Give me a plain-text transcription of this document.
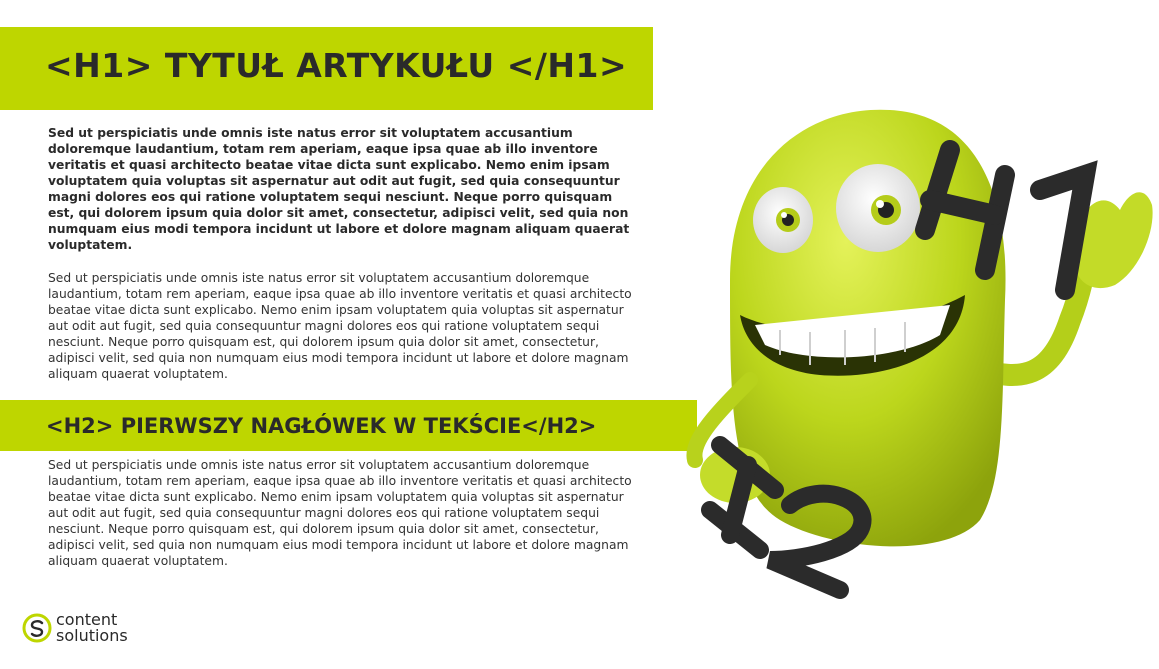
<H1> TYTUŁ ARTYKUŁU </H1>

Sed ut perspiciatis unde omnis iste natus error sit voluptatem accusantium doloremque laudantium, totam rem aperiam, eaque ipsa quae ab illo inventore veritatis et quasi architecto beatae vitae dicta sunt explicabo. Nemo enim ipsam voluptatem quia voluptas sit aspernatur aut odit aut fugit, sed quia consequuntur magni dolores eos qui ratione voluptatem sequi nesciunt. Neque porro quisquam est, qui dolorem ipsum quia dolor sit amet, consectetur, adipisci velit, sed quia non numquam eius modi tempora incidunt ut labore et dolore magnam aliquam quaerat voluptatem.

Sed ut perspiciatis unde omnis iste natus error sit voluptatem accusantium doloremque laudantium, totam rem aperiam, eaque ipsa quae ab illo inventore veritatis et quasi architecto beatae vitae dicta sunt explicabo. Nemo enim ipsam voluptatem quia voluptas sit aspernatur aut odit aut fugit, sed quia consequuntur magni dolores eos qui ratione voluptatem sequi nesciunt. Neque porro quisquam est, qui dolorem ipsum quia dolor sit amet, consectetur, adipisci velit, sed quia non numquam eius modi tempora incidunt ut labore et dolore magnam aliquam quaerat voluptatem.

<H2> PIERWSZY NAGŁÓWEK W TEKŚCIE</H2>

Sed ut perspiciatis unde omnis iste natus error sit voluptatem accusantium doloremque laudantium, totam rem aperiam, eaque ipsa quae ab illo inventore veritatis et quasi architecto beatae vitae dicta sunt explicabo. Nemo enim ipsam voluptatem quia voluptas sit aspernatur aut odit aut fugit, sed quia consequuntur magni dolores eos qui ratione voluptatem sequi nesciunt. Neque porro quisquam est, qui dolorem ipsum quia dolor sit amet, consectetur, adipisci velit, sed quia non numquam eius modi tempora incidunt ut labore et dolore magnam aliquam quaerat voluptatem.

content
solutions
